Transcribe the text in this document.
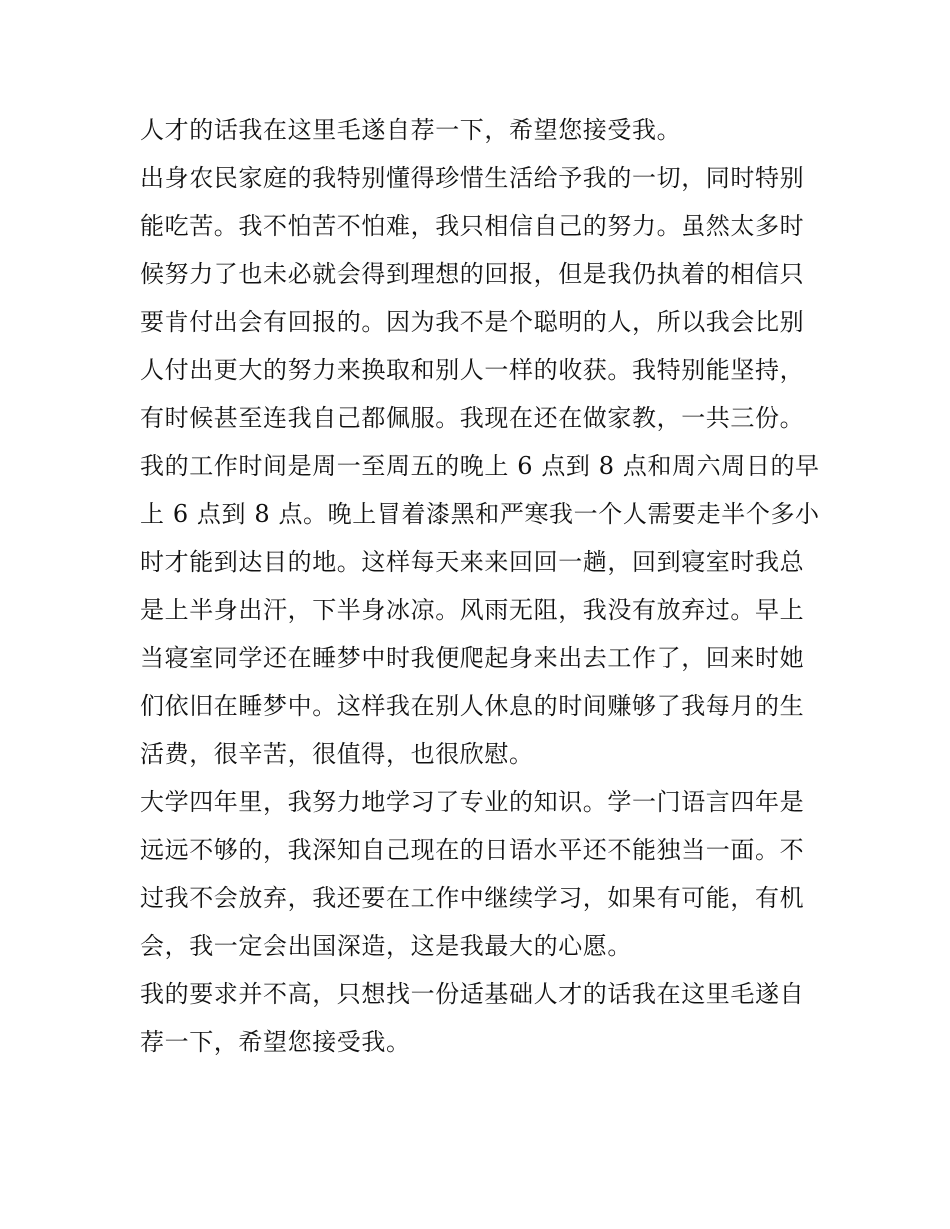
人才的话我在这里毛遂自荐一下，希望您接受我。
出身农民家庭的我特别懂得珍惜生活给予我的一切，同时特别
能吃苦。我不怕苦不怕难，我只相信自己的努力。虽然太多时
候努力了也未必就会得到理想的回报，但是我仍执着的相信只
要肯付出会有回报的。因为我不是个聪明的人，所以我会比别
人付出更大的努力来换取和别人一样的收获。我特别能坚持，
有时候甚至连我自己都佩服。我现在还在做家教，一共三份。
我的工作时间是周一至周五的晚上 6 点到 8 点和周六周日的早
上 6 点到 8 点。晚上冒着漆黑和严寒我一个人需要走半个多小
时才能到达目的地。这样每天来来回回一趟，回到寝室时我总
是上半身出汗，下半身冰凉。风雨无阻，我没有放弃过。早上
当寝室同学还在睡梦中时我便爬起身来出去工作了，回来时她
们依旧在睡梦中。这样我在别人休息的时间赚够了我每月的生
活费，很辛苦，很值得，也很欣慰。
大学四年里，我努力地学习了专业的知识。学一门语言四年是
远远不够的，我深知自己现在的日语水平还不能独当一面。不
过我不会放弃，我还要在工作中继续学习，如果有可能，有机
会，我一定会出国深造，这是我最大的心愿。
我的要求并不高，只想找一份适基础人才的话我在这里毛遂自
荐一下，希望您接受我。
